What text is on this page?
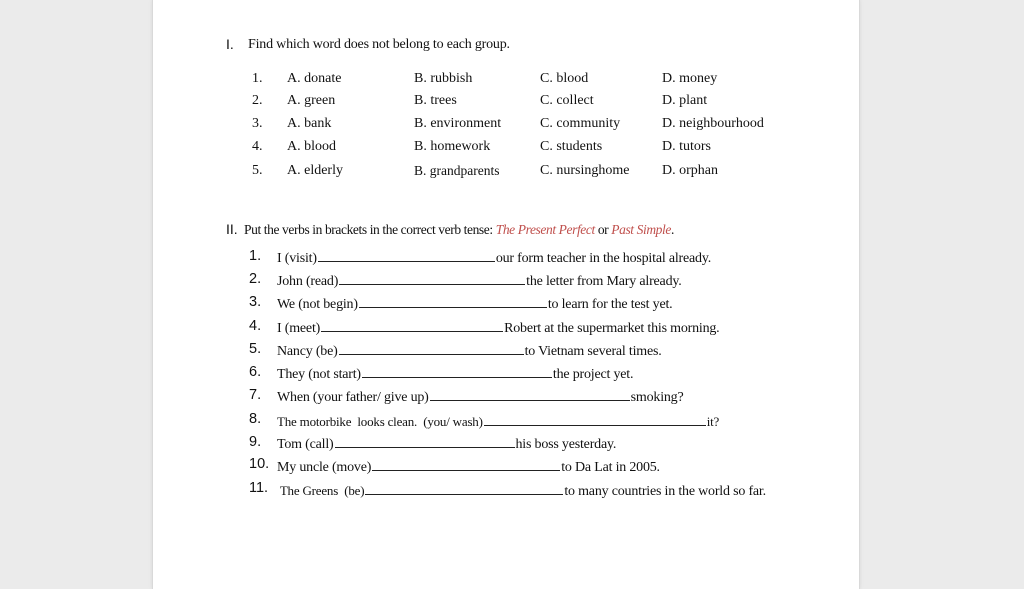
I. Find which word does not belong to each group.
1. A. donate	B. rubbish	C. blood	D. money
2. A. green	B. trees	C. collect	D. plant
3. A. bank	B. environment	C. community	D. neighbourhood
4. A. blood	B. homework	C. students	D. tutors
5. A. elderly	B. grandparents	C. nursinghome D. orphan
II. Put the verbs in brackets in the correct verb tense: The Present Perfect or Past Simple.
1. I (visit)	our form teacher in the hospital already.
2. John (read)	the letter from Mary already.
3. We (not begin)	to learn for the test yet.
4. I (meet)	Robert at the supermarket this morning.
5. Nancy (be)	to Vietnam several times.
6. They (not start)	the project yet.
7. When (your father/ give up)	smoking?
8. The motorbike  looks clean.  (you/ wash)	it?
9. Tom (call)	his boss yesterday.
10. My uncle (move)	to Da Lat in 2005.
11. The Greens  (be)	to many countries in the world so far.
